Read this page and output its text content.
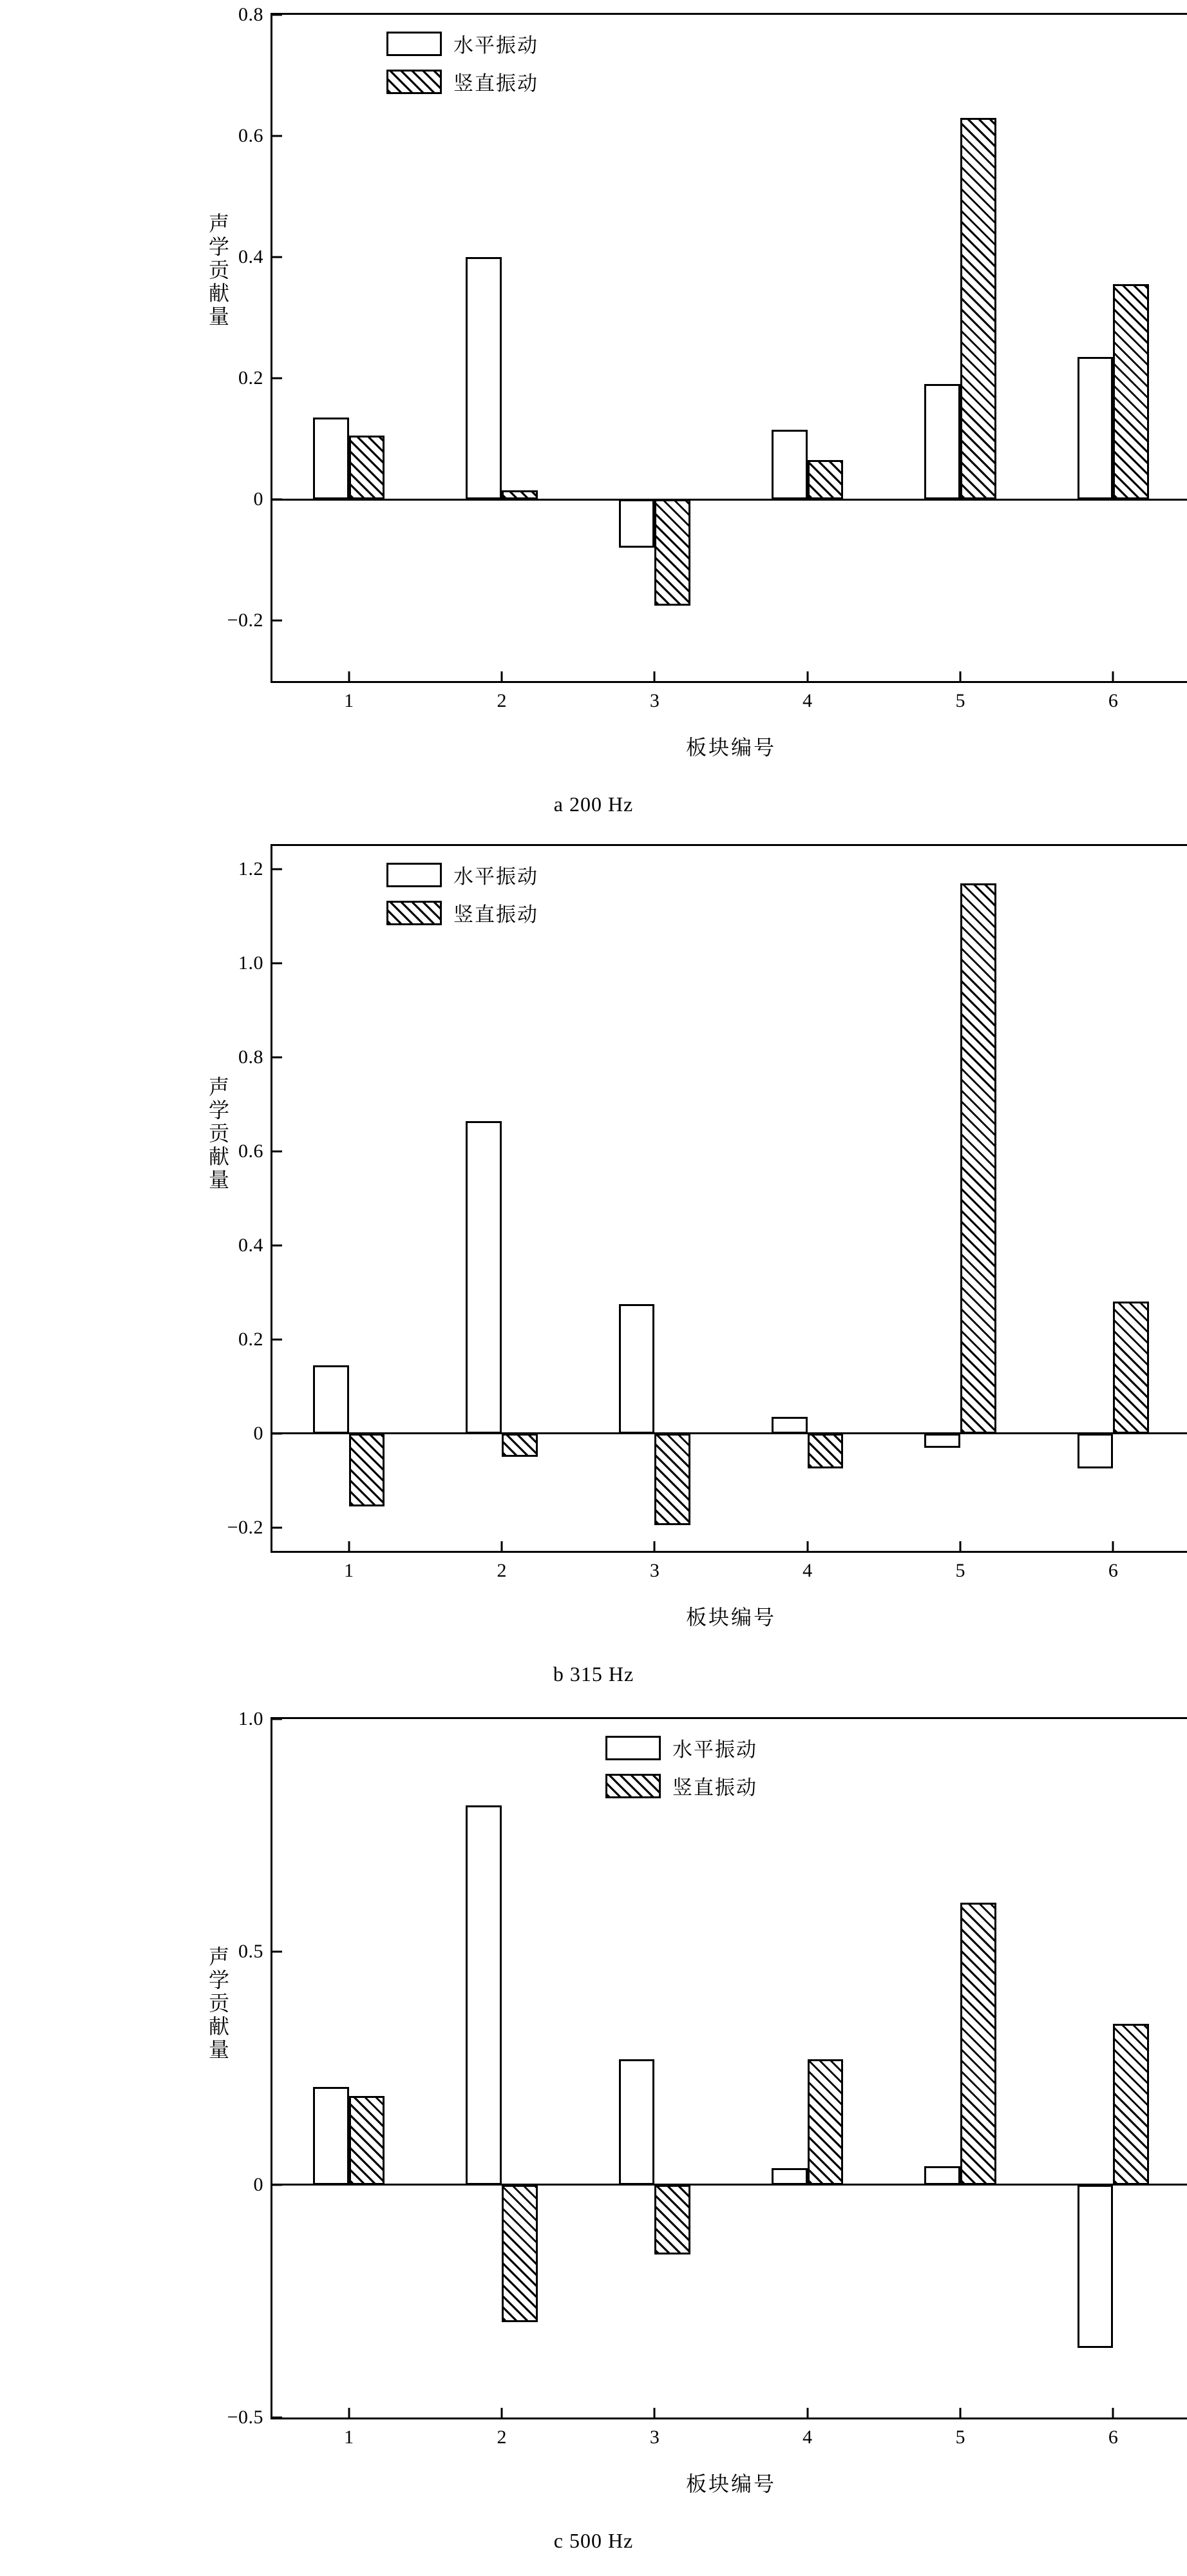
−0.2
0
0.2
0.4
0.6
0.8
1	2	3	4	5	6
声学贡献量
板块编号
a 200 Hz
水平振动
竖直振动
−0.2
0
0.2
0.4
0.6
0.8
1.0
1.2
1	2	3	4	5	6
声学贡献量
板块编号
b 315 Hz
水平振动
竖直振动
−0.5
0
0.5
1.0
1	2	3	4	5	6
声学贡献量
板块编号
c 500 Hz
水平振动
竖直振动
